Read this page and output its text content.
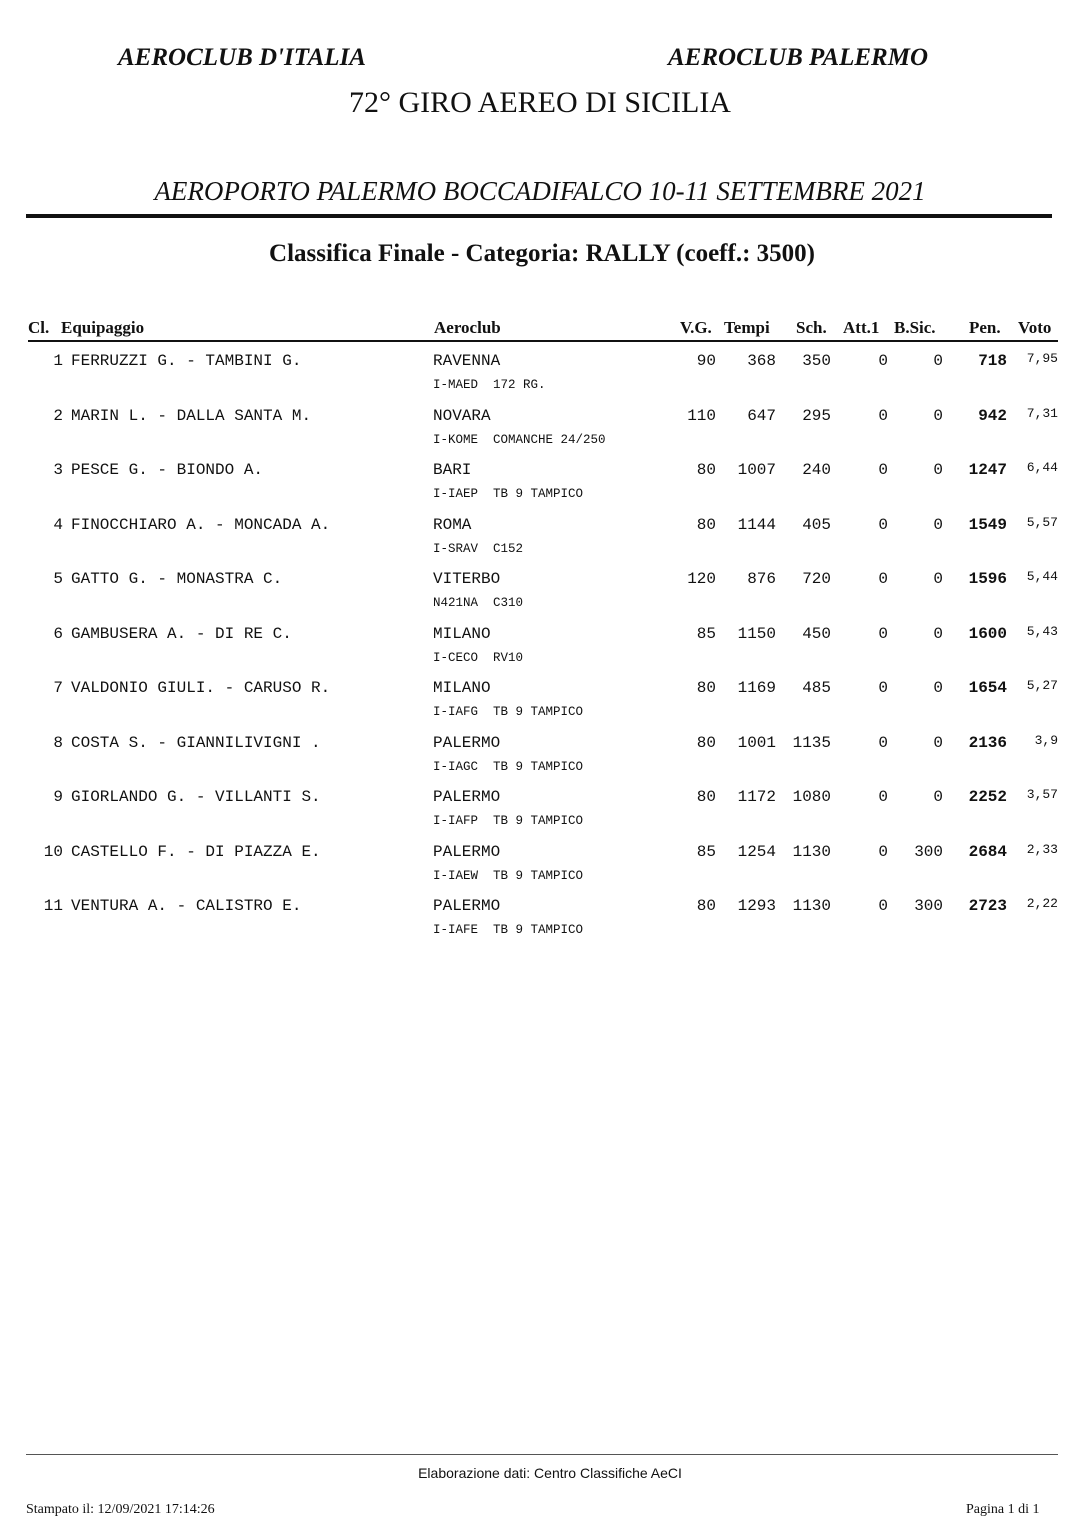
AEROCLUB D'ITALIA	AEROCLUB PALERMO
72° GIRO AEREO DI SICILIA
AEROPORTO PALERMO BOCCADIFALCO 10-11 SETTEMBRE 2021
Classifica Finale - Categoria: RALLY (coeff.: 3500)
Cl. Equipaggio	Aeroclub	V.G. Tempi Sch. Att.1 B.Sic. Pen. Voto
1 FERRUZZI G. - TAMBINI G.	RAVENNA	90 368 350	0	0 718 7,95
I-MAED  172 RG.
2 MARIN L. - DALLA SANTA M.	NOVARA	110 647 295	0	0 942 7,31
I-KOME  COMANCHE 24/250
3 PESCE G. - BIONDO A.	BARI	80 1007 240	0	0 1247 6,44
I-IAEP  TB 9 TAMPICO
4 FINOCCHIARO A. - MONCADA A.	ROMA	80 1144 405	0	0 1549 5,57
I-SRAV  C152
5 GATTO G. - MONASTRA C.	VITERBO	120 876 720	0	0 1596 5,44
N421NA  C310
6 GAMBUSERA A. - DI RE C.	MILANO	85 1150 450	0	0 1600 5,43
I-CECO  RV10
7 VALDONIO GIULI. - CARUSO R.	MILANO	80 1169 485	0	0 1654 5,27
I-IAFG  TB 9 TAMPICO
8 COSTA S. - GIANNILIVIGNI .	PALERMO	80 1001 1135	0	0 2136 3,9
I-IAGC  TB 9 TAMPICO
9 GIORLANDO G. - VILLANTI S.	PALERMO	80 1172 1080	0	0 2252 3,57
I-IAFP  TB 9 TAMPICO
10 CASTELLO F. - DI PIAZZA E.	PALERMO	85 1254 1130	0 300 2684 2,33
I-IAEW  TB 9 TAMPICO
11 VENTURA A. - CALISTRO E.	PALERMO	80 1293 1130	0 300 2723 2,22
I-IAFE  TB 9 TAMPICO
Elaborazione dati: Centro Classifiche AeCI
Stampato il: 12/09/2021 17:14:26	Pagina 1 di 1
